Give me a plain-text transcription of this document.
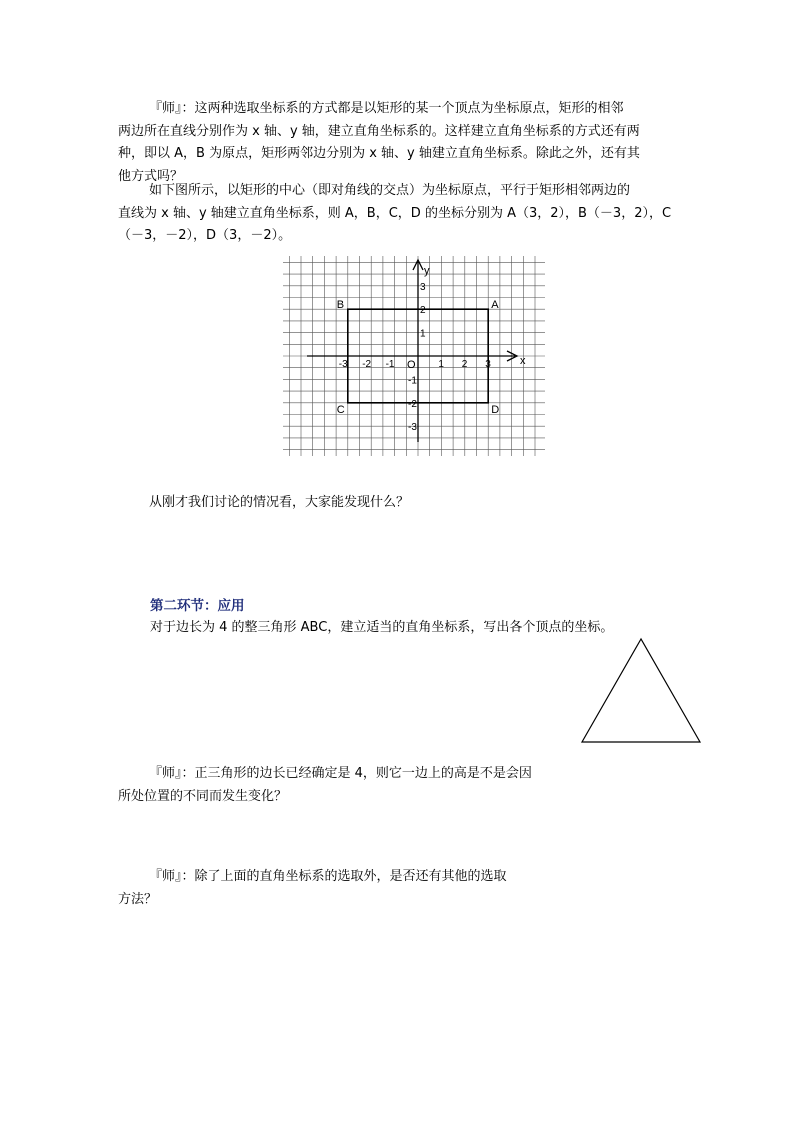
『师』：这两种选取坐标系的方式都是以矩形的某一个顶点为坐标原点，矩形的相邻
两边所在直线分别作为 x 轴、y 轴，建立直角坐标系的。这样建立直角坐标系的方式还有两
种，即以 A，B 为原点，矩形两邻边分别为 x 轴、y 轴建立直角坐标系。除此之外，还有其
他方式吗？
如下图所示，以矩形的中心（即对角线的交点）为坐标原点，平行于矩形相邻两边的
直线为 x 轴、y 轴建立直角坐标系，则 A，B，C，D 的坐标分别为 A（3，2），B（－3，2），C
（－3，－2），D（3，－2）。
x
y
O
-3 -2 -1	1 2 3
3
2
1
-1
-2
-3
A
B
C	D
从刚才我们讨论的情况看，大家能发现什么？
第二环节：应用
对于边长为 4 的整三角形 ABC，建立适当的直角坐标系，写出各个顶点的坐标。
『师』：正三角形的边长已经确定是 4，则它一边上的高是不是会因
所处位置的不同而发生变化？
『师』：除了上面的直角坐标系的选取外，是否还有其他的选取
方法？
